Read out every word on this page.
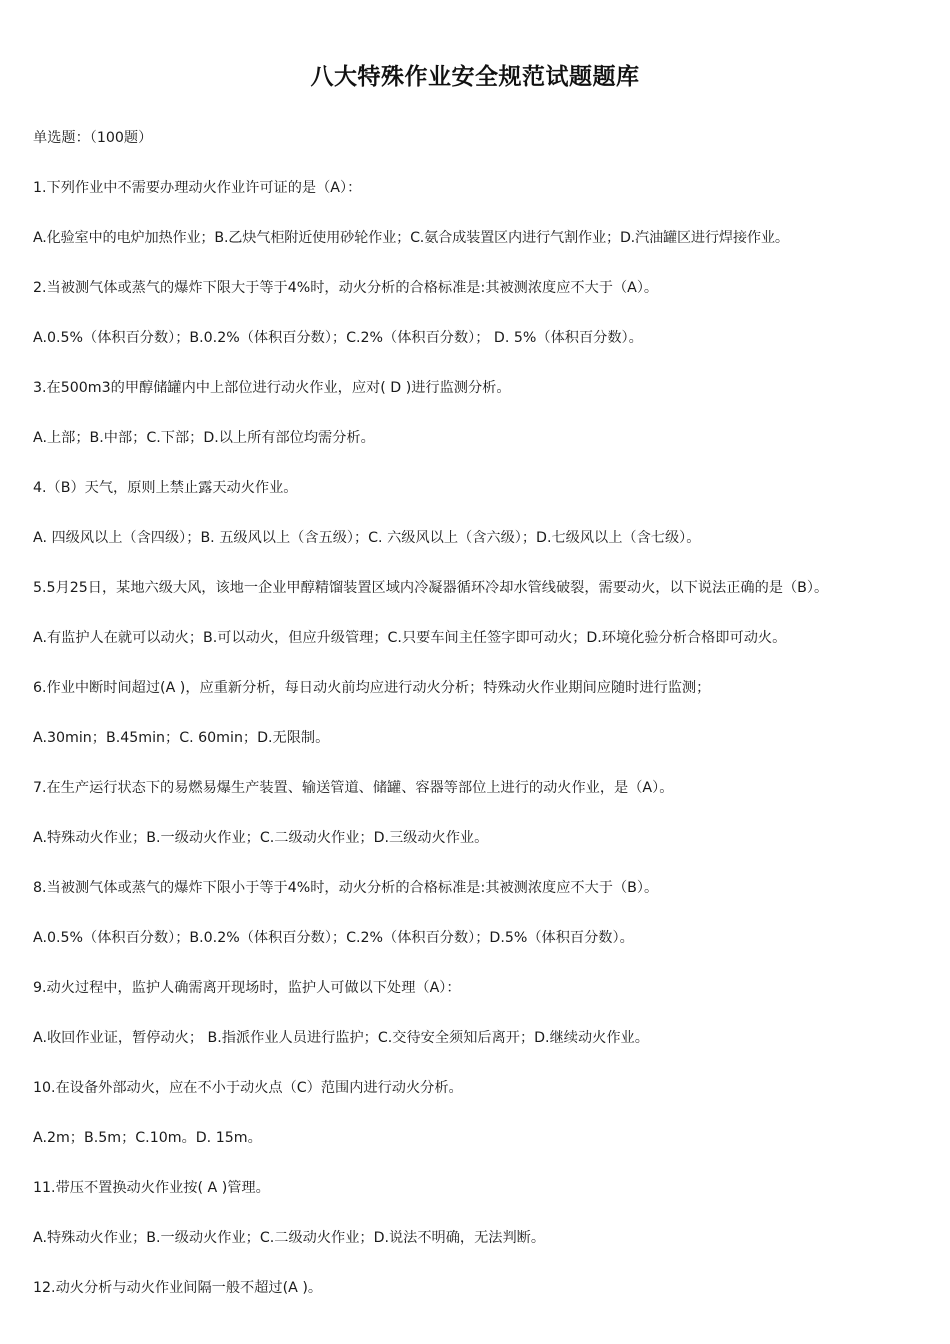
八大特殊作业安全规范试题题库

单选题：（100题）

1.下列作业中不需要办理动火作业许可证的是（A）：

A.化验室中的电炉加热作业；B.乙炔气柜附近使用砂轮作业；C.氨合成装置区内进行气割作业；D.汽油罐区进行焊接作业。

2.当被测气体或蒸气的爆炸下限大于等于4%时，动火分析的合格标准是:其被测浓度应不大于（A）。

A.0.5%（体积百分数）；B.0.2%（体积百分数）；C.2%（体积百分数）； D. 5%（体积百分数）。

3.在500m3的甲醇储罐内中上部位进行动火作业，应对( D )进行监测分析。

A.上部；B.中部；C.下部；D.以上所有部位均需分析。

4.（B）天气，原则上禁止露天动火作业。

A. 四级风以上（含四级）；B. 五级风以上（含五级）；C. 六级风以上（含六级）；D.七级风以上（含七级）。

5.5月25日，某地六级大风，该地一企业甲醇精馏装置区域内冷凝器循环冷却水管线破裂，需要动火，以下说法正确的是（B）。

A.有监护人在就可以动火；B.可以动火，但应升级管理；C.只要车间主任签字即可动火；D.环境化验分析合格即可动火。

6.作业中断时间超过(A )，应重新分析，每日动火前均应进行动火分析；特殊动火作业期间应随时进行监测；

A.30min；B.45min；C. 60min；D.无限制。

7.在生产运行状态下的易燃易爆生产装置、输送管道、储罐、容器等部位上进行的动火作业，是（A）。

A.特殊动火作业；B.一级动火作业；C.二级动火作业；D.三级动火作业。

8.当被测气体或蒸气的爆炸下限小于等于4%时，动火分析的合格标准是:其被测浓度应不大于（B）。

A.0.5%（体积百分数）；B.0.2%（体积百分数）；C.2%（体积百分数）；D.5%（体积百分数）。

9.动火过程中，监护人确需离开现场时，监护人可做以下处理（A）：

A.收回作业证，暂停动火； B.指派作业人员进行监护；C.交待安全须知后离开；D.继续动火作业。

10.在设备外部动火，应在不小于动火点（C）范围内进行动火分析。

A.2m；B.5m；C.10m。D. 15m。

11.带压不置换动火作业按( A )管理。

A.特殊动火作业；B.一级动火作业；C.二级动火作业；D.说法不明确，无法判断。

12.动火分析与动火作业间隔一般不超过(A )。
